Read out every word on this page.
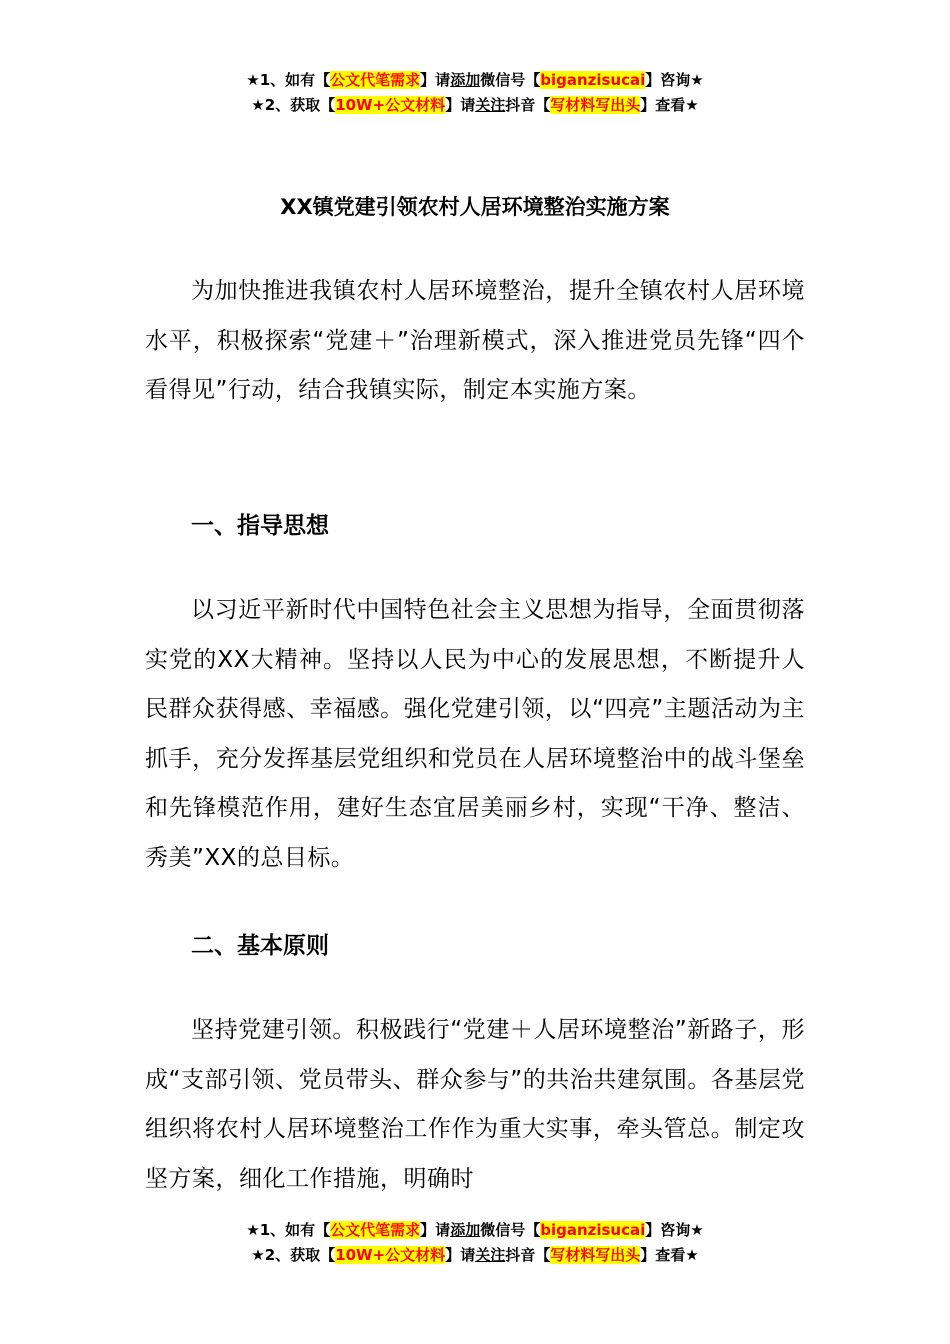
★1、如有【公文代笔需求】请添加微信号【biganzisucai】咨询★
★2、获取【10W+公文材料】请关注抖音【写材料写出头】查看★
XX镇党建引领农村人居环境整治实施方案

为加快推进我镇农村人居环境整治，提升全镇农村人居环境水平，积极探索“党建＋”治理新模式，深入推进党员先锋“四个看得见”行动，结合我镇实际，制定本实施方案。

一、指导思想

以习近平新时代中国特色社会主义思想为指导，全面贯彻落实党的XX大精神。坚持以人民为中心的发展思想，不断提升人民群众获得感、幸福感。强化党建引领，以“四亮”主题活动为主抓手，充分发挥基层党组织和党员在人居环境整治中的战斗堡垒和先锋模范作用，建好生态宜居美丽乡村，实现“干净、整洁、秀美”XX的总目标。

二、基本原则

坚持党建引领。积极践行“党建＋人居环境整治”新路子，形成“支部引领、党员带头、群众参与”的共治共建氛围。各基层党组织将农村人居环境整治工作作为重大实事，牵头管总。制定攻坚方案，细化工作措施，明确时

★1、如有【公文代笔需求】请添加微信号【biganzisucai】咨询★
★2、获取【10W+公文材料】请关注抖音【写材料写出头】查看★
